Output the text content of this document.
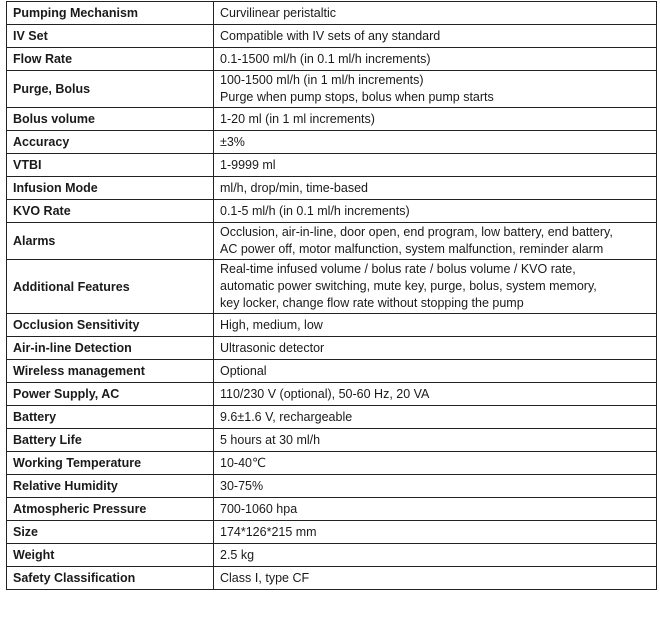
Pumping Mechanism	Curvilinear peristaltic

IV Set	Compatible with IV sets of any standard

Flow Rate	0.1-1500 ml/h (in 0.1 ml/h increments)

Purge, Bolus	100-1500 ml/h (in 1 ml/h increments)
Purge when pump stops, bolus when pump starts

Bolus volume	1-20 ml (in 1 ml increments)

Accuracy	±3%

VTBI	1-9999 ml

Infusion Mode	ml/h, drop/min, time-based

KVO Rate	0.1-5 ml/h (in 0.1 ml/h increments)

Alarms	Occlusion, air-in-line, door open, end program, low battery, end battery,
AC power off, motor malfunction, system malfunction, reminder alarm

Additional Features	Real-time infused volume / bolus rate / bolus volume / KVO rate,
automatic power switching, mute key, purge, bolus, system memory,
key locker, change flow rate without stopping the pump

Occlusion Sensitivity	High, medium, low

Air-in-line Detection	Ultrasonic detector

Wireless management	Optional

Power Supply, AC	110/230 V (optional), 50-60 Hz, 20 VA

Battery	9.6±1.6 V, rechargeable

Battery Life	5 hours at 30 ml/h

Working Temperature	10-40℃

Relative Humidity	30-75%

Atmospheric Pressure	700-1060 hpa

Size	174*126*215 mm

Weight	2.5 kg

Safety Classification	Class Ⅰ, type CF
